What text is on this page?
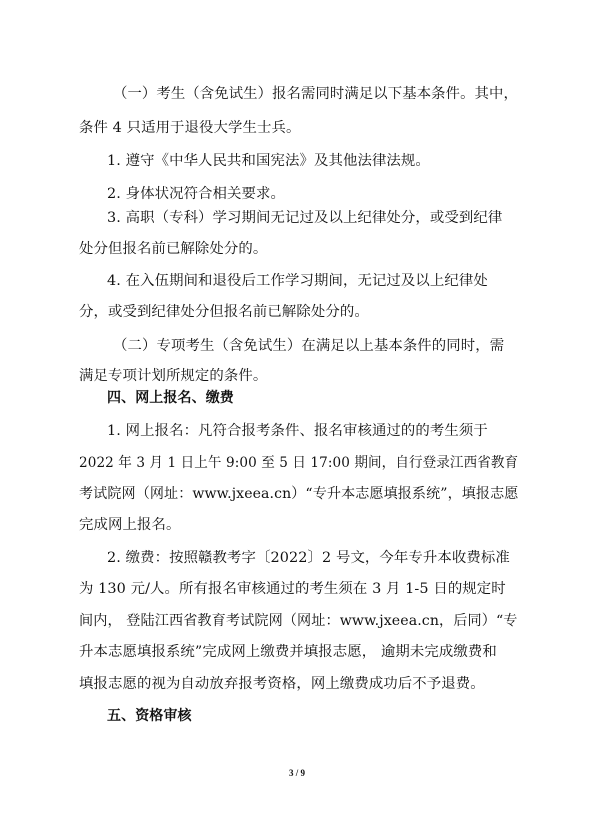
（一）考生（含免试生）报名需同时满足以下基本条件。其中，
条件 4 只适用于退役大学生士兵。
1. 遵守《中华人民共和国宪法》及其他法律法规。
2. 身体状况符合相关要求。
3. 高职（专科）学习期间无记过及以上纪律处分，或受到纪律
处分但报名前已解除处分的。
4. 在入伍期间和退役后工作学习期间，无记过及以上纪律处
分，或受到纪律处分但报名前已解除处分的。
（二）专项考生（含免试生）在满足以上基本条件的同时，需
满足专项计划所规定的条件。
四、网上报名、缴费
1. 网上报名：凡符合报考条件、报名审核通过的的考生须于
2022 年 3 月 1 日上午 9:00 至 5 日 17:00 期间，自行登录江西省教育
考试院网（网址：www.jxeea.cn）“专升本志愿填报系统”，填报志愿
完成网上报名。
2. 缴费：按照赣教考字〔2022〕2 号文，今年专升本收费标准
为 130 元/人。所有报名审核通过的考生须在 3 月 1-5 日的规定时
间内， 登陆江西省教育考试院网（网址：www.jxeea.cn，后同）“专
升本志愿填报系统”完成网上缴费并填报志愿， 逾期未完成缴费和
填报志愿的视为自动放弃报考资格，网上缴费成功后不予退费。
五、资格审核
3 / 9
